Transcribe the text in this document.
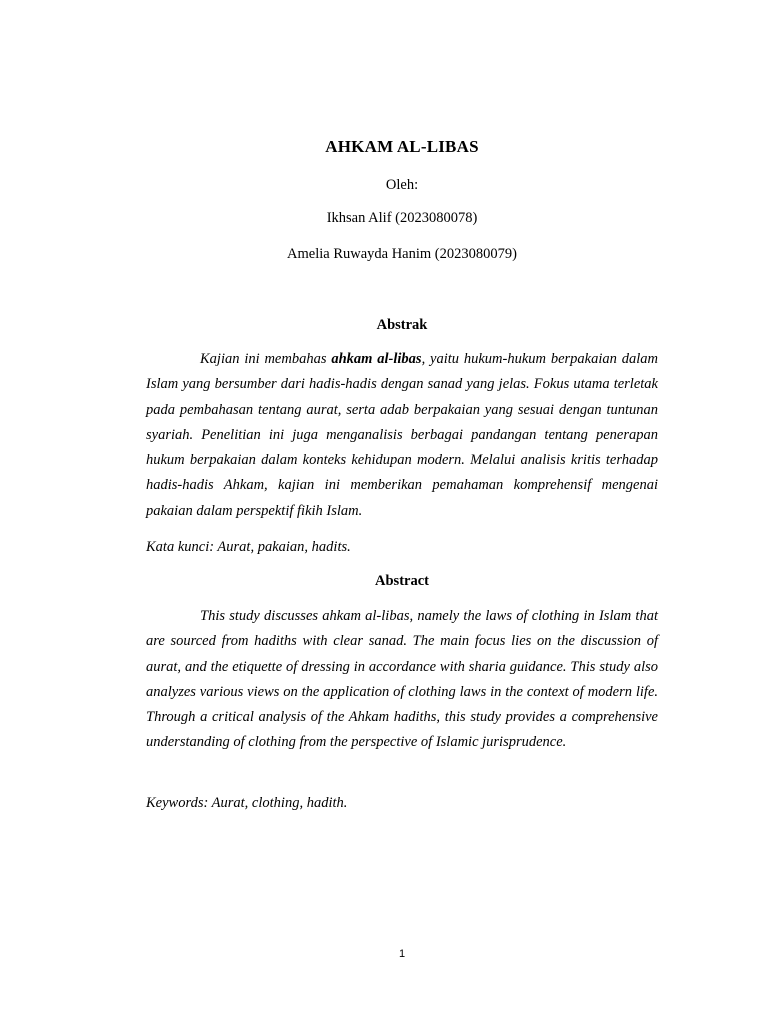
AHKAM AL-LIBAS
Oleh:
Ikhsan Alif (2023080078)
Amelia Ruwayda Hanim (2023080079)
Abstrak

Kajian ini membahas ahkam al-libas, yaitu hukum-hukum berpakaian dalam Islam yang bersumber dari hadis-hadis dengan sanad yang jelas. Fokus utama terletak pada pembahasan tentang aurat, serta adab berpakaian yang sesuai dengan tuntunan syariah. Penelitian ini juga menganalisis berbagai pandangan tentang penerapan hukum berpakaian dalam konteks kehidupan modern. Melalui analisis kritis terhadap hadis-hadis Ahkam, kajian ini memberikan pemahaman komprehensif mengenai pakaian dalam perspektif fikih Islam.

Kata kunci: Aurat, pakaian, hadits.
Abstract

This study discusses ahkam al-libas, namely the laws of clothing in Islam that are sourced from hadiths with clear sanad. The main focus lies on the discussion of aurat, and the etiquette of dressing in accordance with sharia guidance. This study also analyzes various views on the application of clothing laws in the context of modern life. Through a critical analysis of the Ahkam hadiths, this study provides a comprehensive understanding of clothing from the perspective of Islamic jurisprudence.

Keywords: Aurat, clothing, hadith.
1
